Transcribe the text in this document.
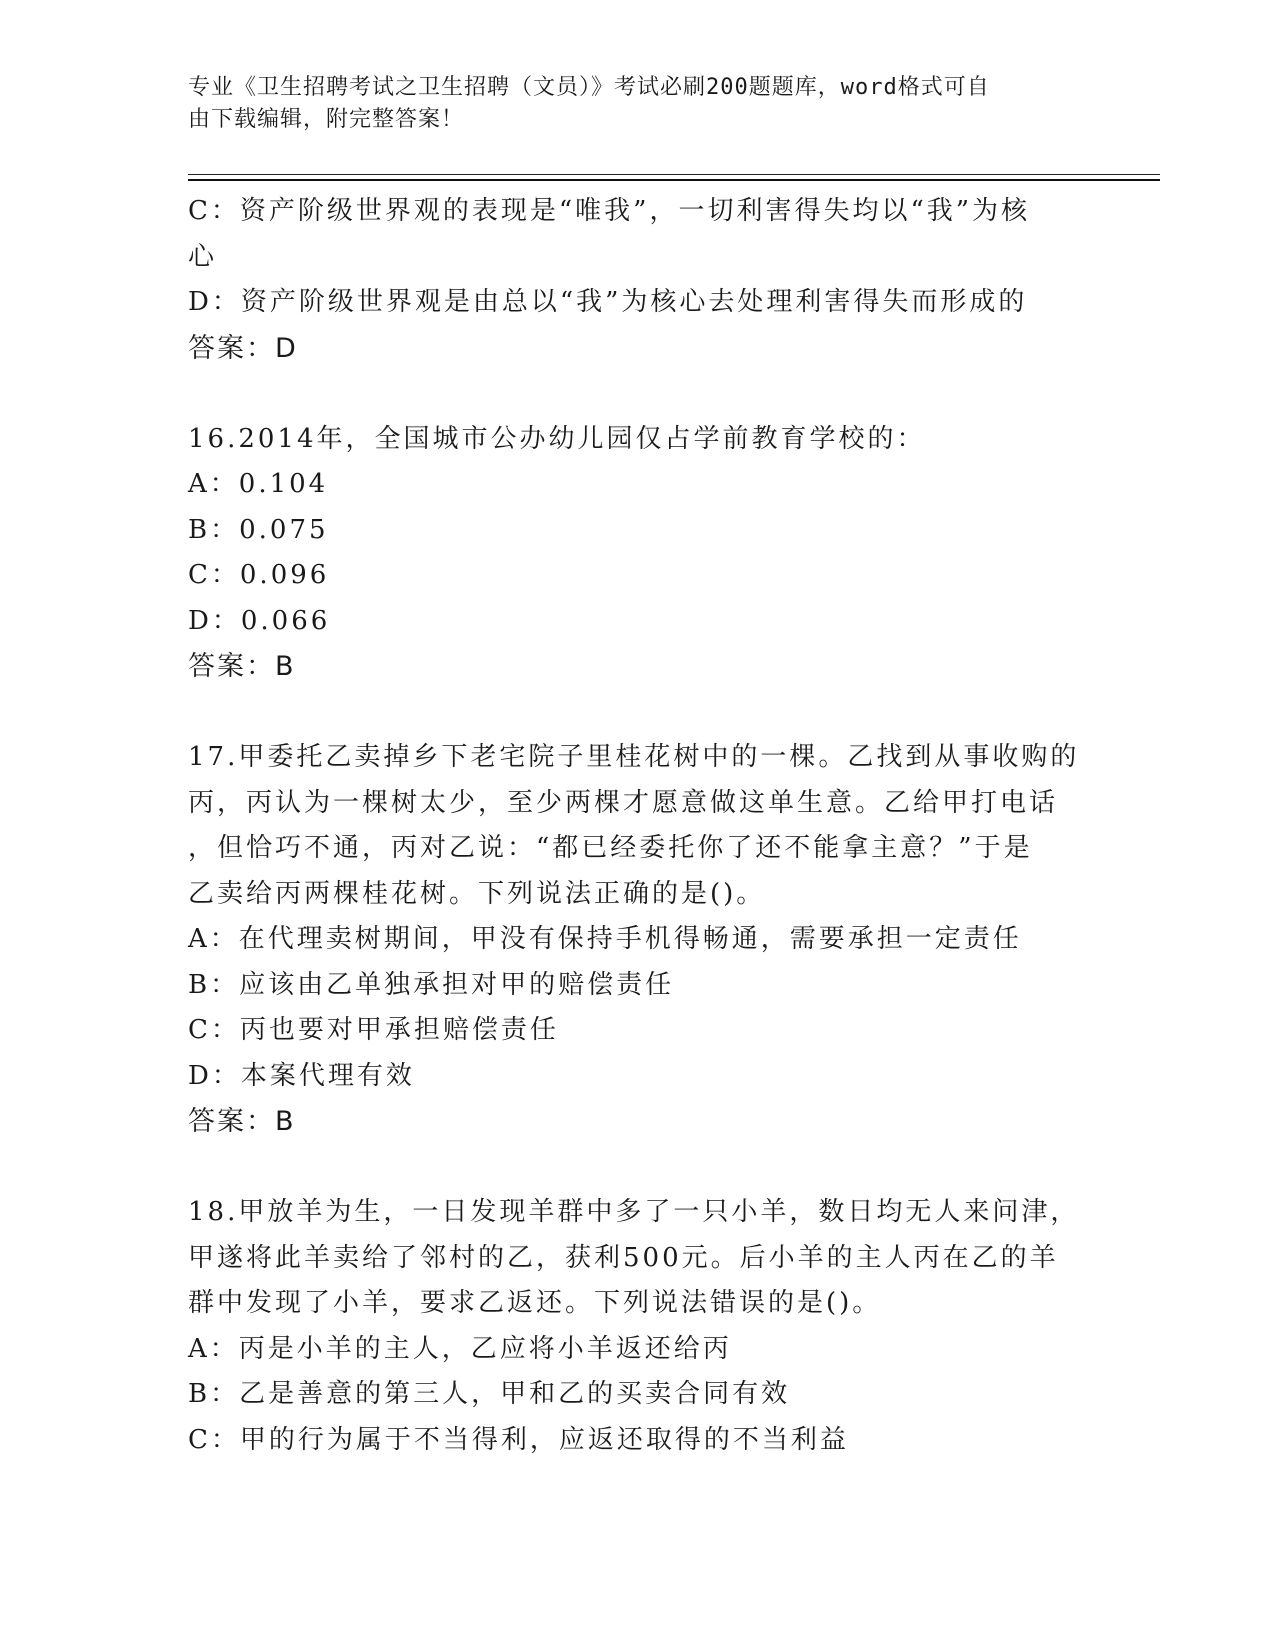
专业《卫生招聘考试之卫生招聘（文员）》考试必刷200题题库，word格式可自
由下载编辑，附完整答案！
C：资产阶级世界观的表现是“唯我”，一切利害得失均以“我”为核
心
D：资产阶级世界观是由总以“我”为核心去处理利害得失而形成的
答案：D
16.2014年，全国城市公办幼儿园仅占学前教育学校的：
A：0.104
B：0.075
C：0.096
D：0.066
答案：B
17.甲委托乙卖掉乡下老宅院子里桂花树中的一棵。乙找到从事收购的
丙，丙认为一棵树太少，至少两棵才愿意做这单生意。乙给甲打电话
，但恰巧不通，丙对乙说：“都已经委托你了还不能拿主意？”于是
乙卖给丙两棵桂花树。下列说法正确的是()。
A：在代理卖树期间，甲没有保持手机得畅通，需要承担一定责任
B：应该由乙单独承担对甲的赔偿责任
C：丙也要对甲承担赔偿责任
D：本案代理有效
答案：B
18.甲放羊为生，一日发现羊群中多了一只小羊，数日均无人来问津，
甲遂将此羊卖给了邻村的乙，获利500元。后小羊的主人丙在乙的羊
群中发现了小羊，要求乙返还。下列说法错误的是()。
A：丙是小羊的主人，乙应将小羊返还给丙
B：乙是善意的第三人，甲和乙的买卖合同有效
C：甲的行为属于不当得利，应返还取得的不当利益
